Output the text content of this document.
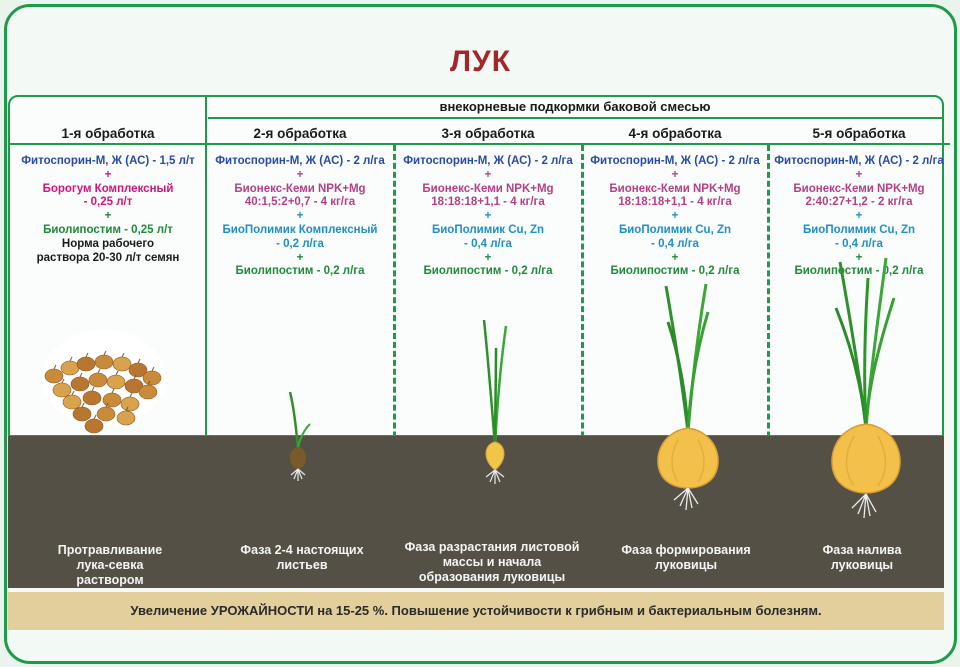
ЛУК
внекорневые подкормки баковой смесью
1-я обработка
Фитоспорин-М, Ж (АС) - 1,5 л/т
+
Борогум Комплексный
- 0,25 л/т
+
Биолипостим - 0,25 л/т
Норма рабочего
раствора 20-30 л/т семян
2-я обработка
Фитоспорин-М, Ж (АС) - 2 л/га
+
Бионекс-Кеми NPK+Mg
40:1,5:2+0,7 - 4 кг/га
+
БиоПолимик Комплексный
- 0,2 л/га
+
Биолипостим - 0,2 л/га
3-я обработка
Фитоспорин-М, Ж (АС) - 2 л/га
+
Бионекс-Кеми NPK+Mg
18:18:18+1,1 - 4 кг/га
+
БиоПолимик Cu, Zn
- 0,4 л/га
+
Биолипостим - 0,2 л/га
4-я обработка
Фитоспорин-М, Ж (АС) - 2 л/га
+
Бионекс-Кеми NPK+Mg
18:18:18+1,1 - 4 кг/га
+
БиоПолимик Cu, Zn
- 0,4 л/га
+
Биолипостим - 0,2 л/га
5-я обработка
Фитоспорин-М, Ж (АС) - 2 л/га
+
Бионекс-Кеми NPK+Mg
2:40:27+1,2 - 2 кг/га
+
БиоПолимик Cu, Zn
- 0,4 л/га
+
Биолипостим - 0,2 л/га
Протравливание
лука-севка
раствором
Фаза 2-4 настоящих
листьев
Фаза разрастания листовой
массы и начала
образования луковицы
Фаза формирования
луковицы
Фаза налива
луковицы
Увеличение УРОЖАЙНОСТИ на 15-25 %. Повышение устойчивости к грибным и бактериальным болезням.
